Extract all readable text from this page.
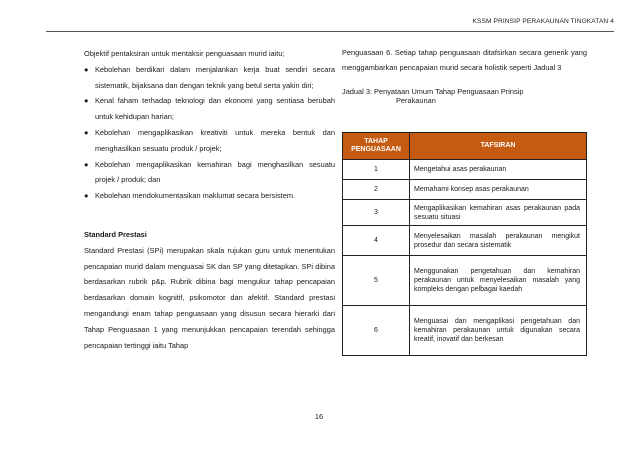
KSSM PRINSIP PERAKAUNAN TINGKATAN 4

Objektif pentaksiran untuk mentaksir penguasaan murid iaitu;

● Kebolehan berdikari dalam menjalankan kerja buat sendiri secara sistematik, bijaksana dan dengan teknik yang betul serta yakin diri;
● Kenal faham terhadap teknologi dan ekonomi yang sentiasa berubah untuk kehidupan harian;
● Kebolehan mengaplikasikan kreativiti untuk mereka bentuk dan menghasilkan sesuatu produk / projek;
● Kebolehan mengaplikasikan kemahiran bagi menghasilkan sesuatu projek / produk; dan
● Kebolehan mendokumentasikan maklumat secara bersistem.

Standard Prestasi

Standard Prestasi (SPi) merupakan skala rujukan guru untuk menentukan pencapaian murid dalam menguasai SK dan SP yang ditetapkan. SPi dibina berdasarkan rubrik p&p. Rubrik dibina bagi mengukur tahap pencapaian berdasarkan domain kognitif, psikomotor dan afektif. Standard prestasi mengandungi enam tahap penguasaan yang disusun secara hierarki dari Tahap Penguasaan 1 yang menunjukkan pencapaian terendah sehingga pencapaian tertinggi iaitu Tahap

Penguasaan 6. Setiap tahap penguasaan ditafsirkan secara generik yang menggambarkan pencapaian murid secara holistik seperti Jadual 3

Jadual 3: Penyataan Umum Tahap Penguasaan Prinsip
Perakaunan
TAHAP
PENGUASAAN	TAFSIRAN
1	Mengetahui asas perakaunan
2	Memahami konsep asas perakaunan
3	Mengaplikasikan kemahiran asas perakaunan pada sesuatu situasi
4	Menyelesaikan masalah perakaunan mengikut prosedur dan secara sistematik
5	Menggunakan pengetahuan dan kemahiran perakaunan untuk menyelesaikan masalah yang kompleks dengan pelbagai kaedah
6	Menguasai dan mengaplikasi pengetahuan dan kemahiran perakaunan untuk digunakan secara kreatif, inovatif dan berkesan
16
